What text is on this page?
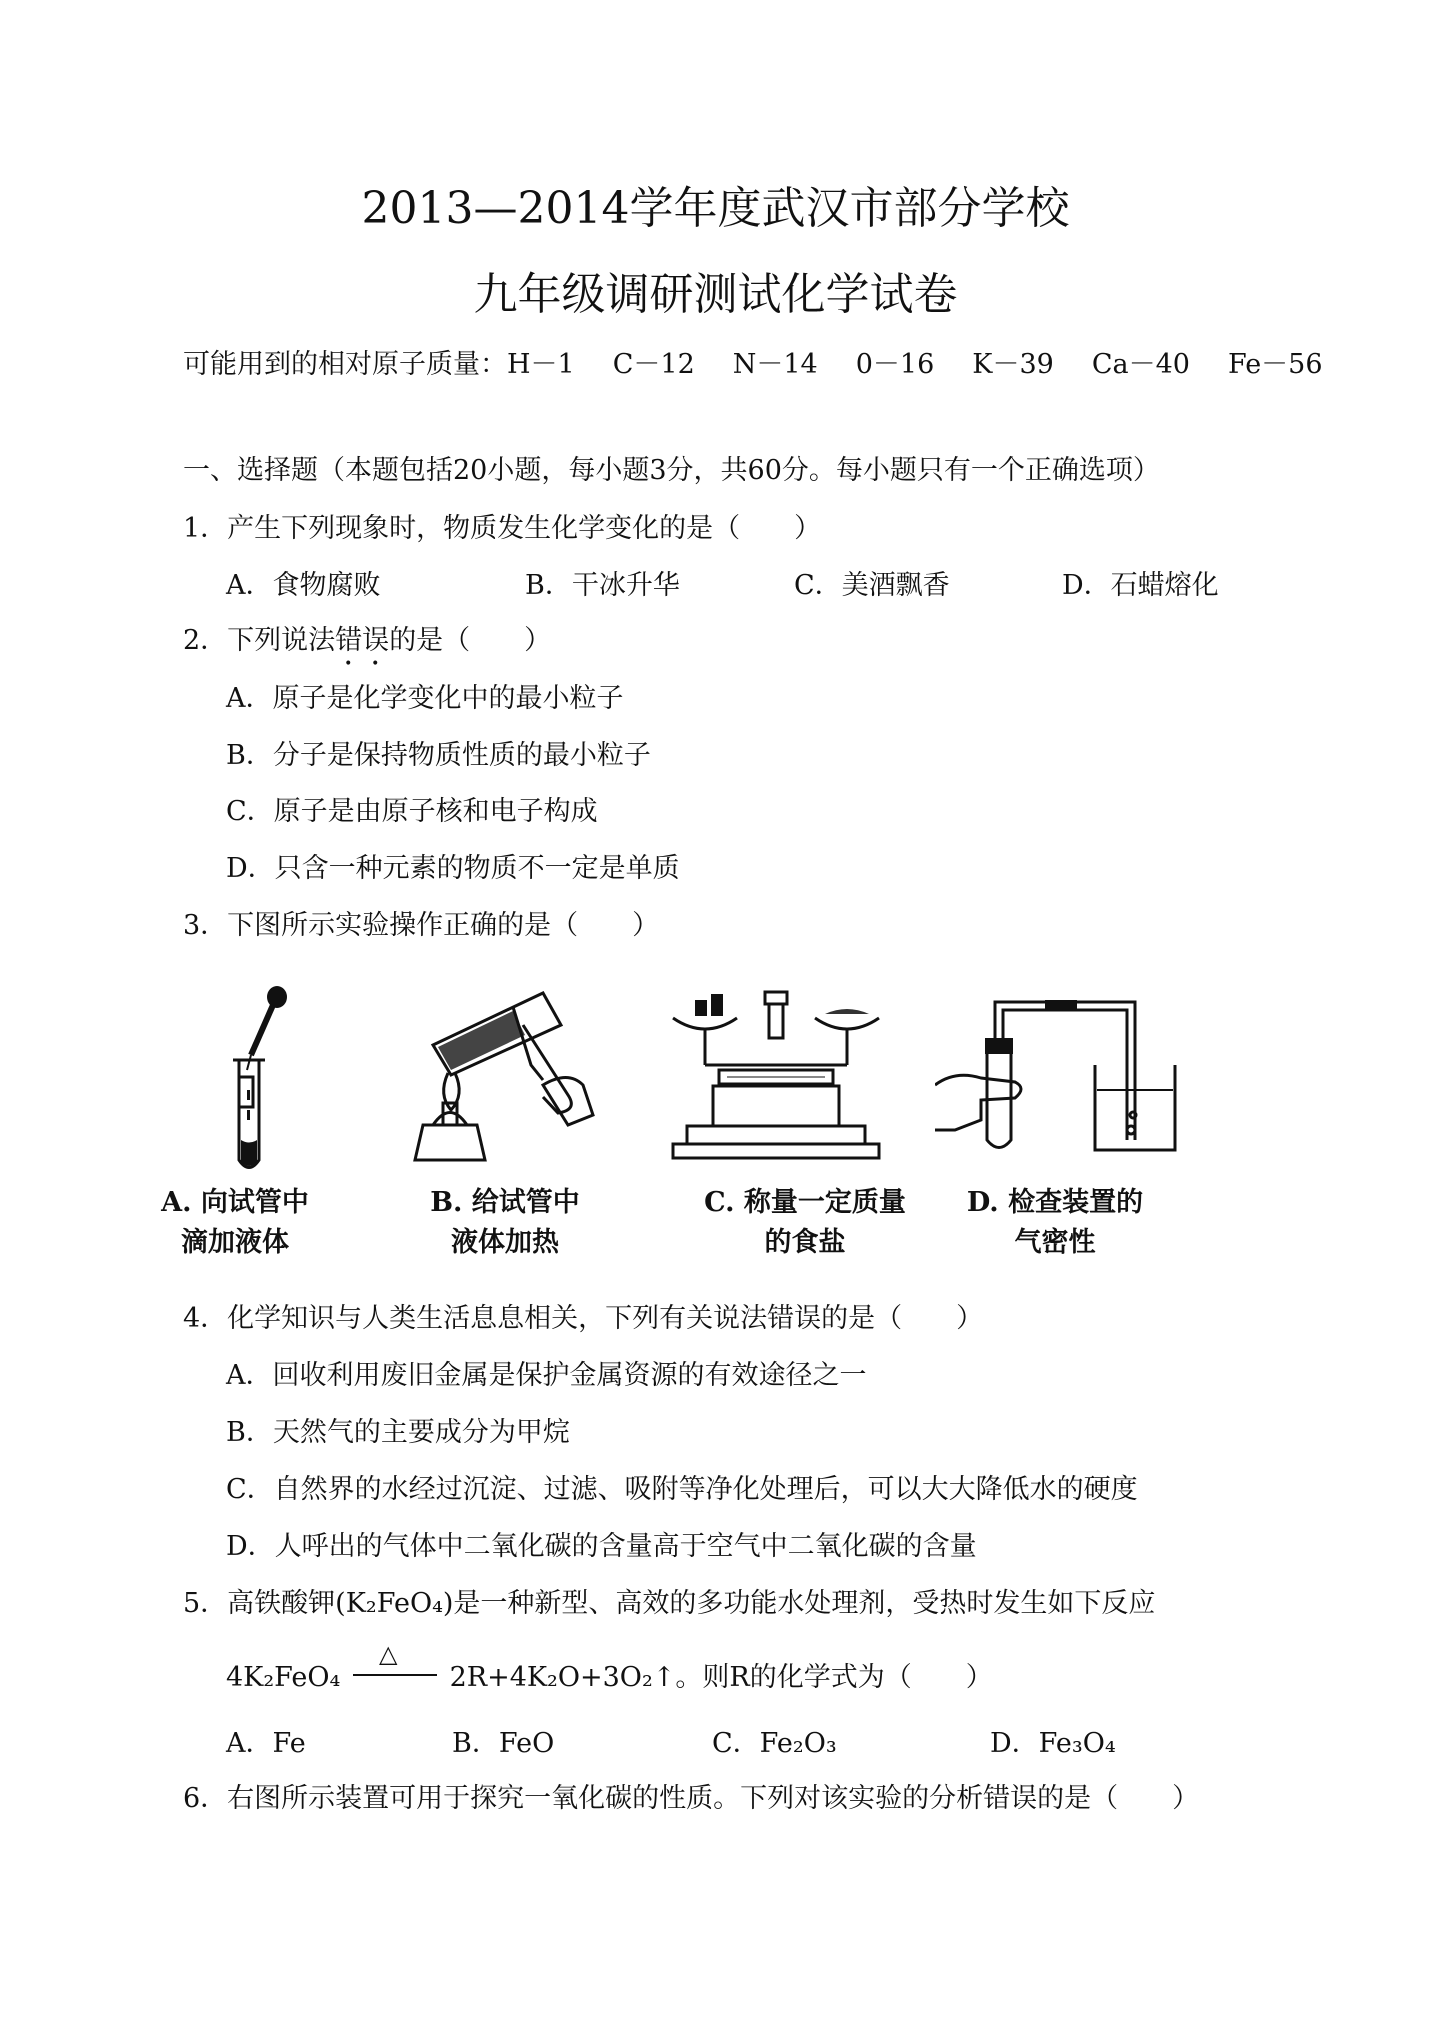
2013—2014学年度武汉市部分学校
九年级调研测试化学试卷
可能用到的相对原子质量：H－1 C－12 N－14 0－16 K－39 Ca－40 Fe－56
一、选择题（本题包括20小题，每小题3分，共60分。每小题只有一个正确选项）
1．产生下列现象时，物质发生化学变化的是（　　）
A．食物腐败	B．干冰升华	C．美酒飘香	D．石蜡熔化
2．下列说法错误的是（　　）
A．原子是化学变化中的最小粒子
B．分子是保持物质性质的最小粒子
C．原子是由原子核和电子构成
D．只含一种元素的物质不一定是单质
3．下图所示实验操作正确的是（　　）
A. 向试管中
滴加液体
B. 给试管中
液体加热
C. 称量一定质量
的食盐
D. 检查装置的
气密性
4．化学知识与人类生活息息相关，下列有关说法错误的是（　　）
A．回收利用废旧金属是保护金属资源的有效途径之一
B．天然气的主要成分为甲烷
C．自然界的水经过沉淀、过滤、吸附等净化处理后，可以大大降低水的硬度
D．人呼出的气体中二氧化碳的含量高于空气中二氧化碳的含量
5．高铁酸钾(K₂FeO₄)是一种新型、高效的多功能水处理剂，受热时发生如下反应
4K₂FeO₄
△
2R+4K₂O+3O₂↑。则R的化学式为（　　）
A．Fe	B．FeO	C．Fe₂O₃	D．Fe₃O₄
6．右图所示装置可用于探究一氧化碳的性质。下列对该实验的分析错误的是（　　）
